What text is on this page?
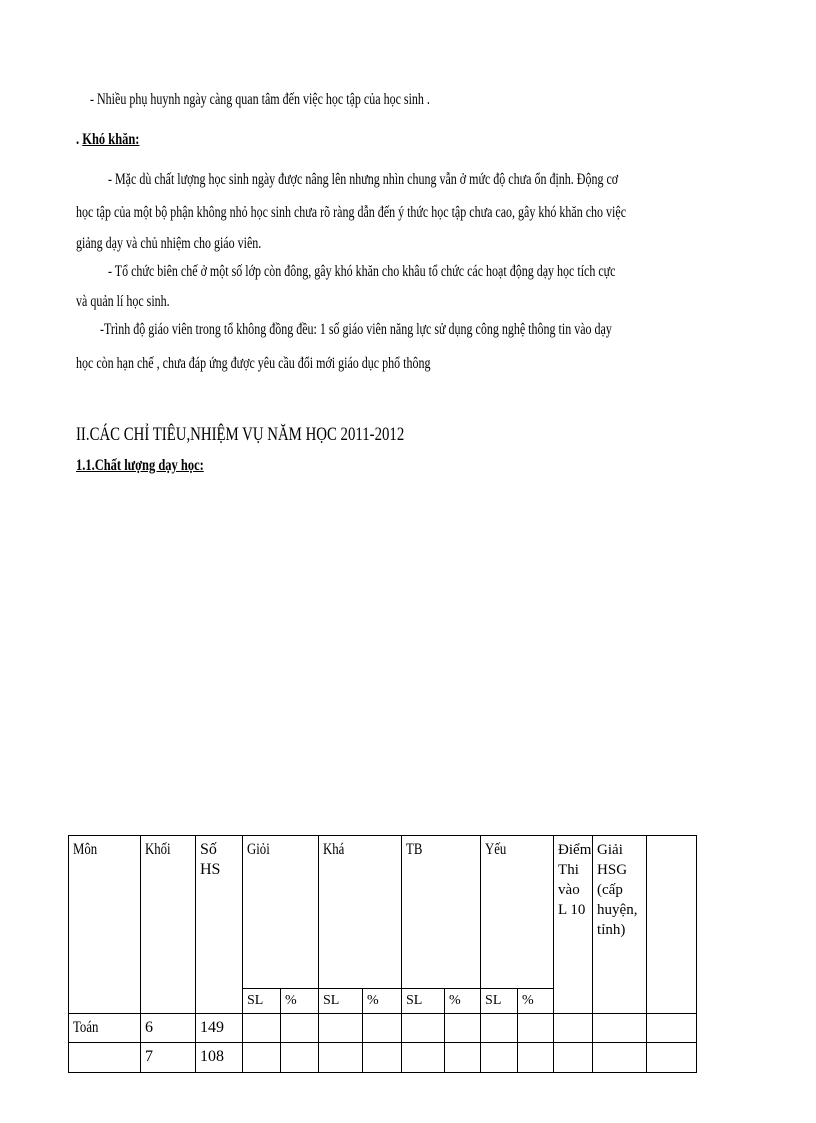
- Nhiều phụ huynh ngày càng quan tâm đến việc học tập của học sinh .
. Khó khăn:
- Mặc dù chất lượng học sinh ngày được nâng lên nhưng nhìn chung vẫn ở mức độ chưa ổn định. Động cơ
học tập của một bộ phận không nhỏ học sinh chưa rõ ràng dẫn đến ý thức học tập chưa cao, gây khó khăn cho việc
giảng dạy và chủ nhiệm cho giáo viên.
- Tổ chức biên chế ở một số lớp còn đông, gây khó khăn cho khâu tổ chức các hoạt động dạy học tích cực
và quản lí học sinh.
-Trình độ giáo viên trong tổ không đồng đều: 1 số giáo viên năng lực sử dụng công nghệ thông tin vào dạy
học còn hạn chế , chưa đáp ứng được yêu cầu đổi mới giáo dục phổ thông
II.CÁC CHỈ TIÊU,NHIỆM VỤ NĂM HỌC 2011-2012
1.1.Chất lượng dạy học:
Môn	Khối	Số HS	Giỏi		Khá		TB		Yếu		Điểm Thi vào L 10	Giải HSG (cấp huyện, tỉnh)	
			SL	%	SL	%	SL	%	SL	%			
Toán	6	149											
	7	108											
